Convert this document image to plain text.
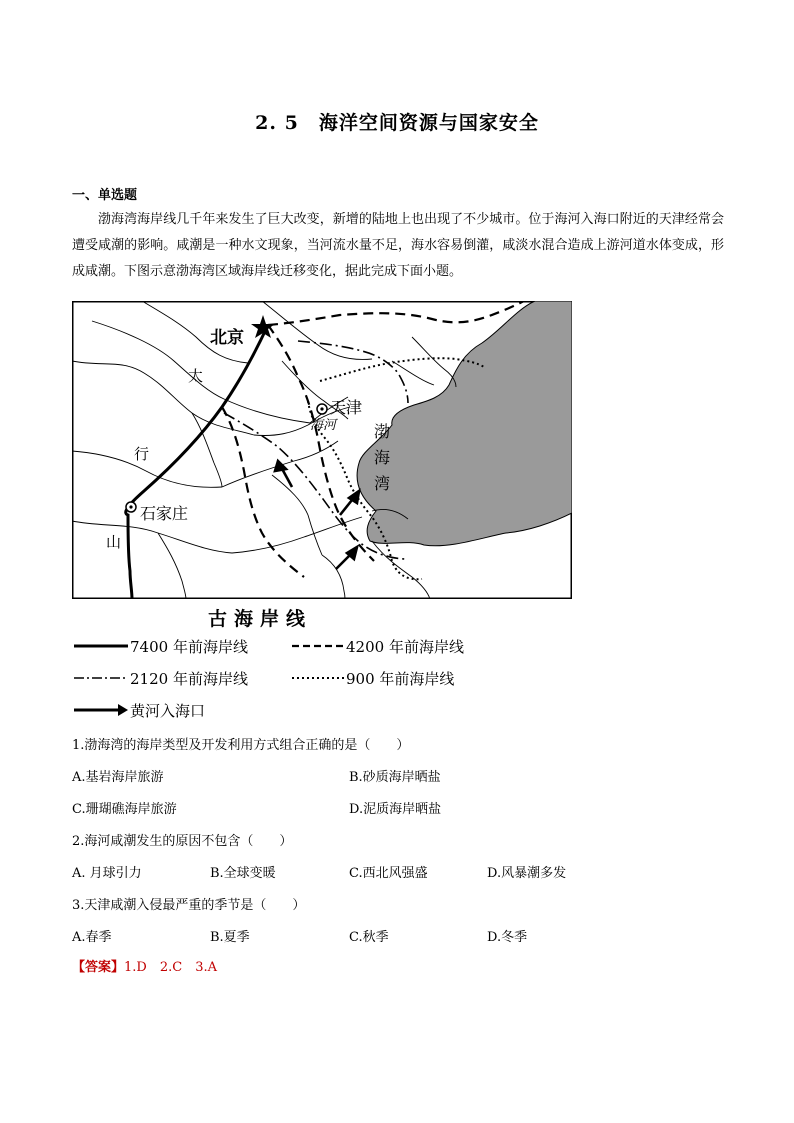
2. 5　海洋空间资源与国家安全
一、单选题
渤海湾海岸线几千年来发生了巨大改变，新增的陆地上也出现了不少城市。位于海河入海口附近的天津经常会遭受咸潮的影响。咸潮是一种水文现象，当河流水量不足，海水容易倒灌，咸淡水混合造成上游河道水体变成，形成咸潮。下图示意渤海湾区域海岸线迁移变化，据此完成下面小题。
北京
天津
海河
石家庄
太
行
山
渤
海
湾
古海岸线
7400 年前海岸线	4200 年前海岸线
2120 年前海岸线	900 年前海岸线
黄河入海口
1.渤海湾的海岸类型及开发利用方式组合正确的是（　　）
A.基岩海岸旅游	B.砂质海岸晒盐
C.珊瑚礁海岸旅游	D.泥质海岸晒盐
2.海河咸潮发生的原因不包含（　　）
A. 月球引力	B.全球变暖	C.西北风强盛	D.风暴潮多发
3.天津咸潮入侵最严重的季节是（　　）
A.春季	B.夏季	C.秋季	D.冬季
【答案】1.D　2.C　3.A
